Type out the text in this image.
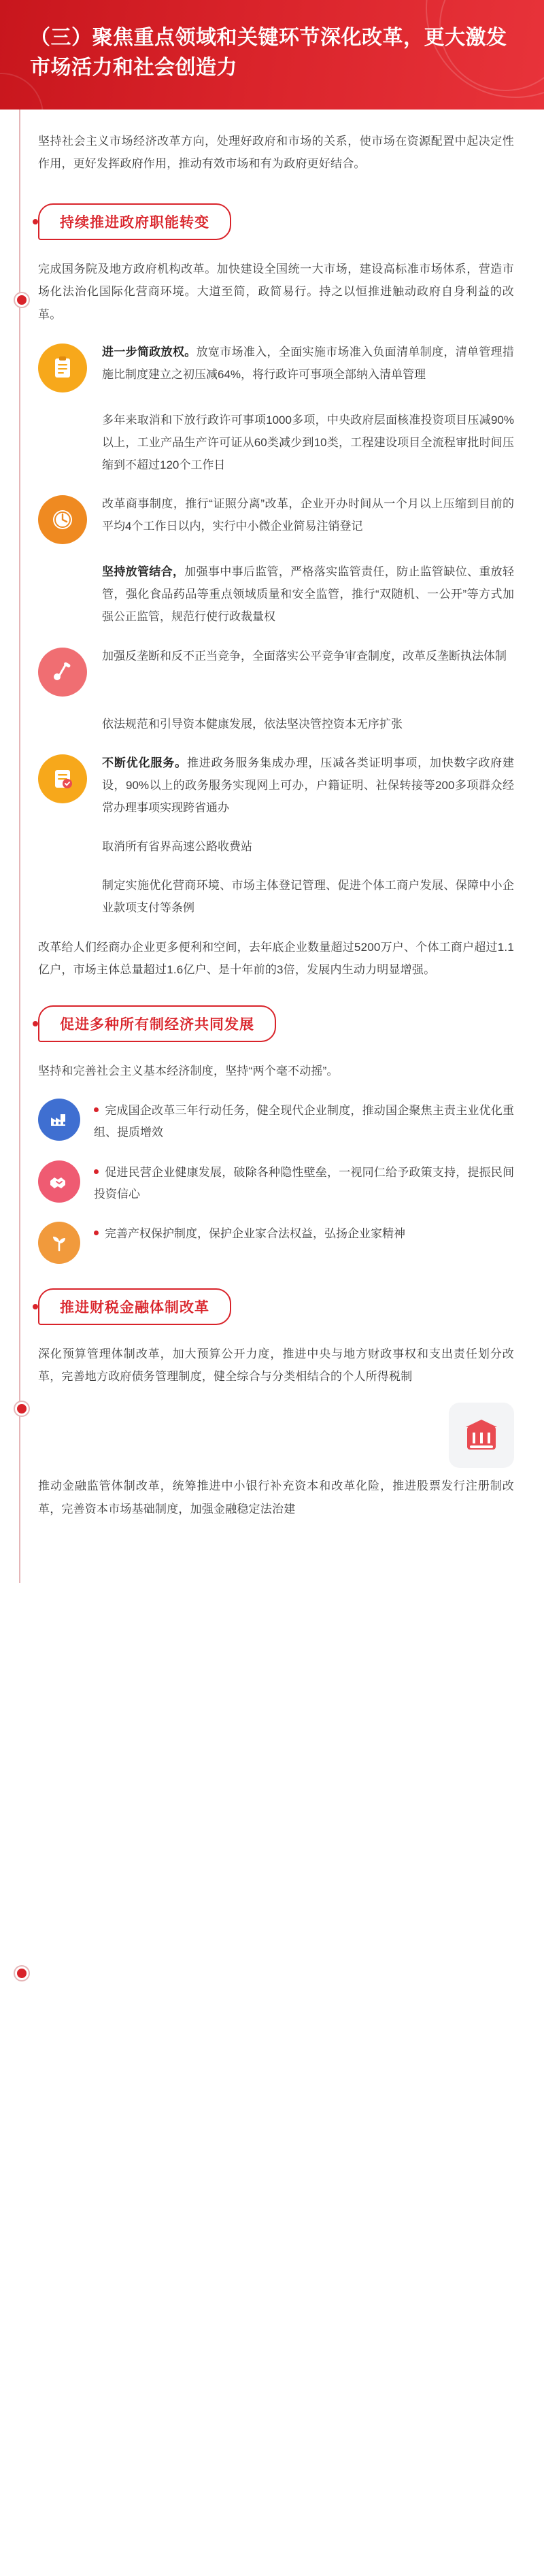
（三）聚焦重点领域和关键环节深化改革，更大激发市场活力和社会创造力

坚持社会主义市场经济改革方向，处理好政府和市场的关系，使市场在资源配置中起决定性作用，更好发挥政府作用，推动有效市场和有为政府更好结合。

持续推进政府职能转变

完成国务院及地方政府机构改革。加快建设全国统一大市场，建设高标准市场体系，营造市场化法治化国际化营商环境。大道至简，政简易行。持之以恒推进触动政府自身利益的改革。

进一步简政放权。放宽市场准入，全面实施市场准入负面清单制度，清单管理措施比制度建立之初压减64%，将行政许可事项全部纳入清单管理
多年来取消和下放行政许可事项1000多项，中央政府层面核准投资项目压减90%以上，工业产品生产许可证从60类减少到10类，工程建设项目全流程审批时间压缩到不超过120个工作日
改革商事制度，推行“证照分离”改革，企业开办时间从一个月以上压缩到目前的平均4个工作日以内，实行中小微企业简易注销登记
坚持放管结合，加强事中事后监管，严格落实监管责任，防止监管缺位、重放轻管，强化食品药品等重点领域质量和安全监管，推行“双随机、一公开”等方式加强公正监管，规范行使行政裁量权
加强反垄断和反不正当竞争，全面落实公平竞争审查制度，改革反垄断执法体制
依法规范和引导资本健康发展，依法坚决管控资本无序扩张
不断优化服务。推进政务服务集成办理，压减各类证明事项，加快数字政府建设，90%以上的政务服务实现网上可办，户籍证明、社保转接等200多项群众经常办理事项实现跨省通办
取消所有省界高速公路收费站
制定实施优化营商环境、市场主体登记管理、促进个体工商户发展、保障中小企业款项支付等条例

改革给人们经商办企业更多便利和空间，去年底企业数量超过5200万户、个体工商户超过1.1亿户，市场主体总量超过1.6亿户、是十年前的3倍，发展内生动力明显增强。

促进多种所有制经济共同发展

坚持和完善社会主义基本经济制度，坚持“两个毫不动摇”。

完成国企改革三年行动任务，健全现代企业制度，推动国企聚焦主责主业优化重组、提质增效
促进民营企业健康发展，破除各种隐性壁垒，一视同仁给予政策支持，提振民间投资信心
完善产权保护制度，保护企业家合法权益，弘扬企业家精神
推进财税金融体制改革

深化预算管理体制改革，加大预算公开力度，推进中央与地方财政事权和支出责任划分改革，完善地方政府债务管理制度，健全综合与分类相结合的个人所得税制

推动金融监管体制改革，统筹推进中小银行补充资本和改革化险，推进股票发行注册制改革，完善资本市场基础制度，加强金融稳定法治建
